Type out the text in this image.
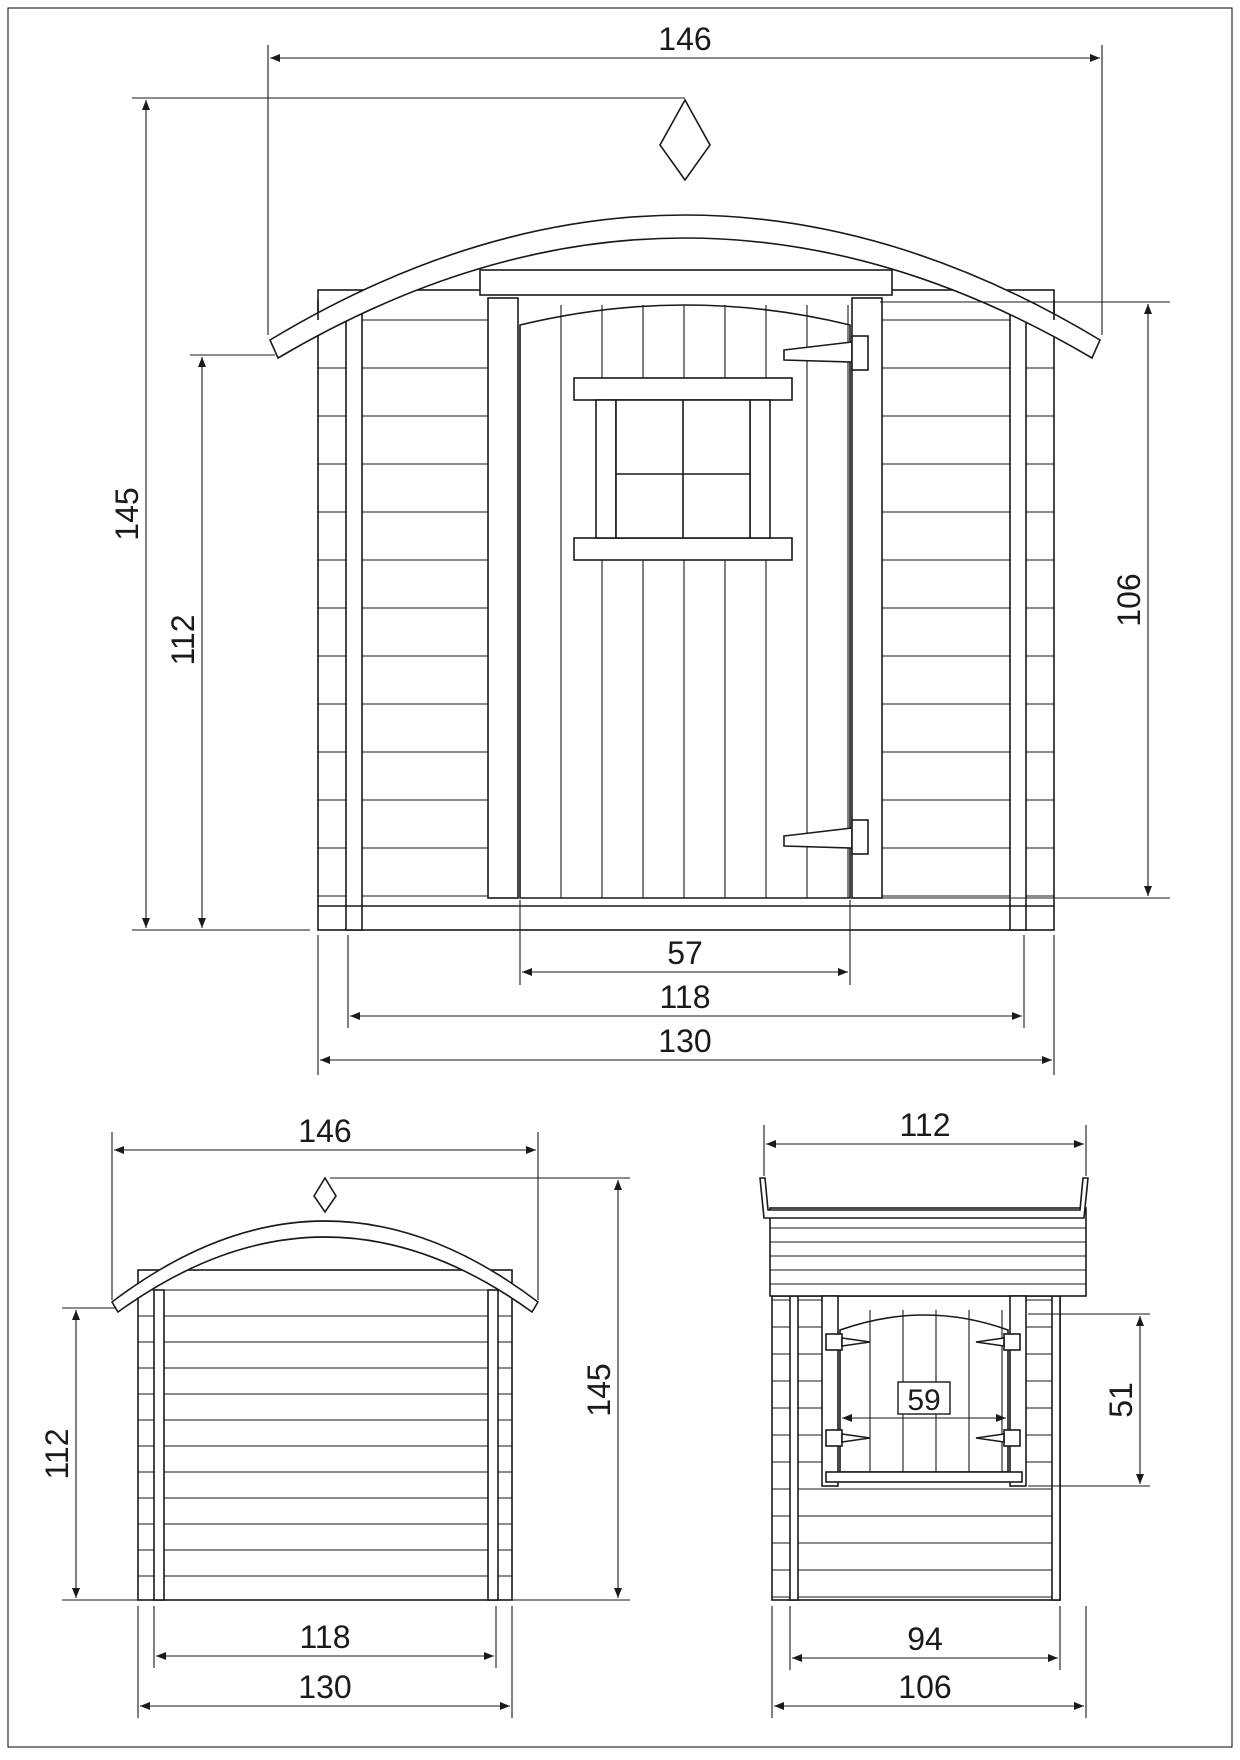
146
145
112
106
57
118
130
146
145
112
118
130
112
51
59
94
106
